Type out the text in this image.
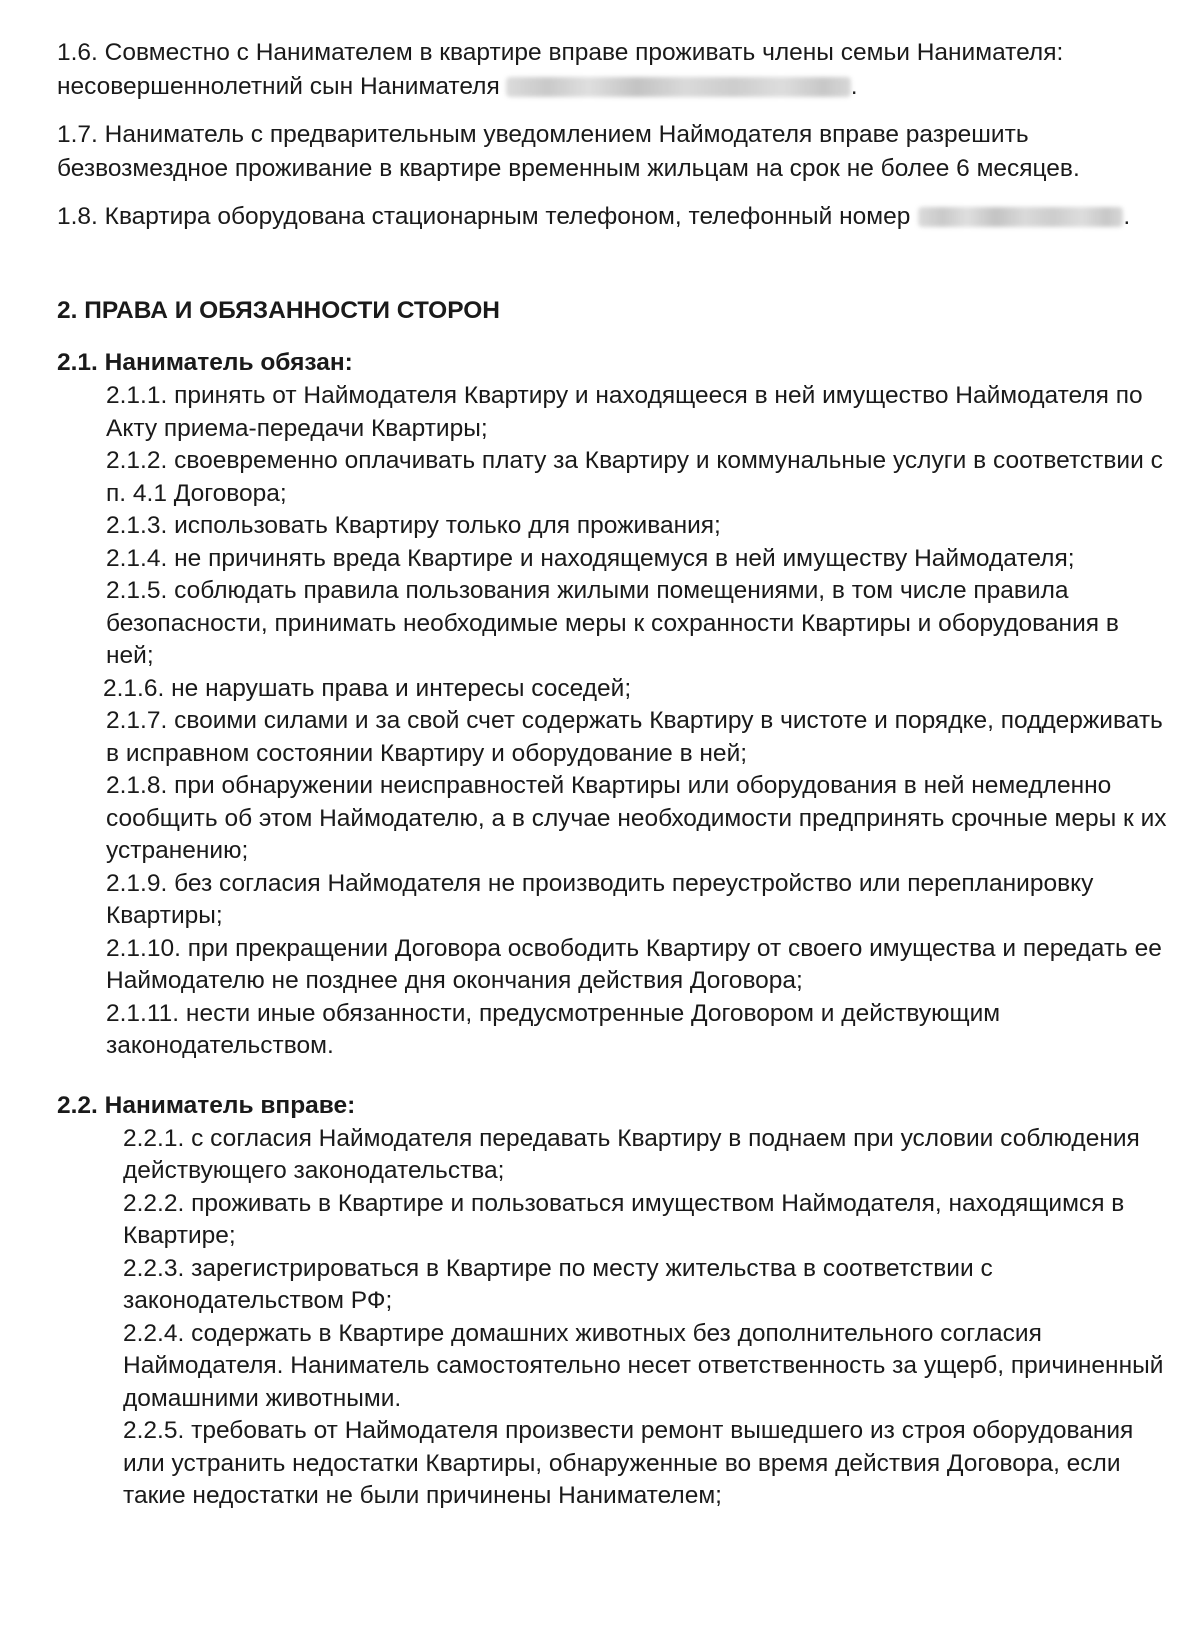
1.6. Совместно с Нанимателем в квартире вправе проживать члены семьи Нанимателя: несовершеннолетний сын Нанимателя	.

1.7. Наниматель с предварительным уведомлением Наймодателя вправе разрешить безвозмездное проживание в квартире временным жильцам на срок не более 6 месяцев.

1.8. Квартира оборудована стационарным телефоном, телефонный номер	.

2. ПРАВА И ОБЯЗАННОСТИ СТОРОН

2.1. Наниматель обязан:

2.1.1. принять от Наймодателя Квартиру и находящееся в ней имущество Наймодателя по Акту приема-передачи Квартиры;

2.1.2. своевременно оплачивать плату за Квартиру и коммунальные услуги в соответствии с п. 4.1 Договора;

2.1.3. использовать Квартиру только для проживания;

2.1.4. не причинять вреда Квартире и находящемуся в ней имуществу Наймодателя;

2.1.5. соблюдать правила пользования жилыми помещениями, в том числе правила безопасности, принимать необходимые меры к сохранности Квартиры и оборудования в ней;

2.1.6. не нарушать права и интересы соседей;

2.1.7. своими силами и за свой счет содержать Квартиру в чистоте и порядке, поддерживать в исправном состоянии Квартиру и оборудование в ней;

2.1.8. при обнаружении неисправностей Квартиры или оборудования в ней немедленно сообщить об этом Наймодателю, а в случае необходимости предпринять срочные меры к их устранению;

2.1.9. без согласия Наймодателя не производить переустройство или перепланировку Квартиры;

2.1.10. при прекращении Договора освободить Квартиру от своего имущества и передать ее Наймодателю не позднее дня окончания действия Договора;

2.1.11. нести иные обязанности, предусмотренные Договором и действующим законодательством.

2.2. Наниматель вправе:

2.2.1. с согласия Наймодателя передавать Квартиру в поднаем при условии соблюдения действующего законодательства;

2.2.2. проживать в Квартире и пользоваться имуществом Наймодателя, находящимся в Квартире;

2.2.3. зарегистрироваться в Квартире по месту жительства в соответствии с законодательством РФ;

2.2.4. содержать в Квартире домашних животных без дополнительного согласия Наймодателя. Наниматель самостоятельно несет ответственность за ущерб, причиненный домашними животными.

2.2.5. требовать от Наймодателя произвести ремонт вышедшего из строя оборудования или устранить недостатки Квартиры, обнаруженные во время действия Договора, если такие недостатки не были причинены Нанимателем;
